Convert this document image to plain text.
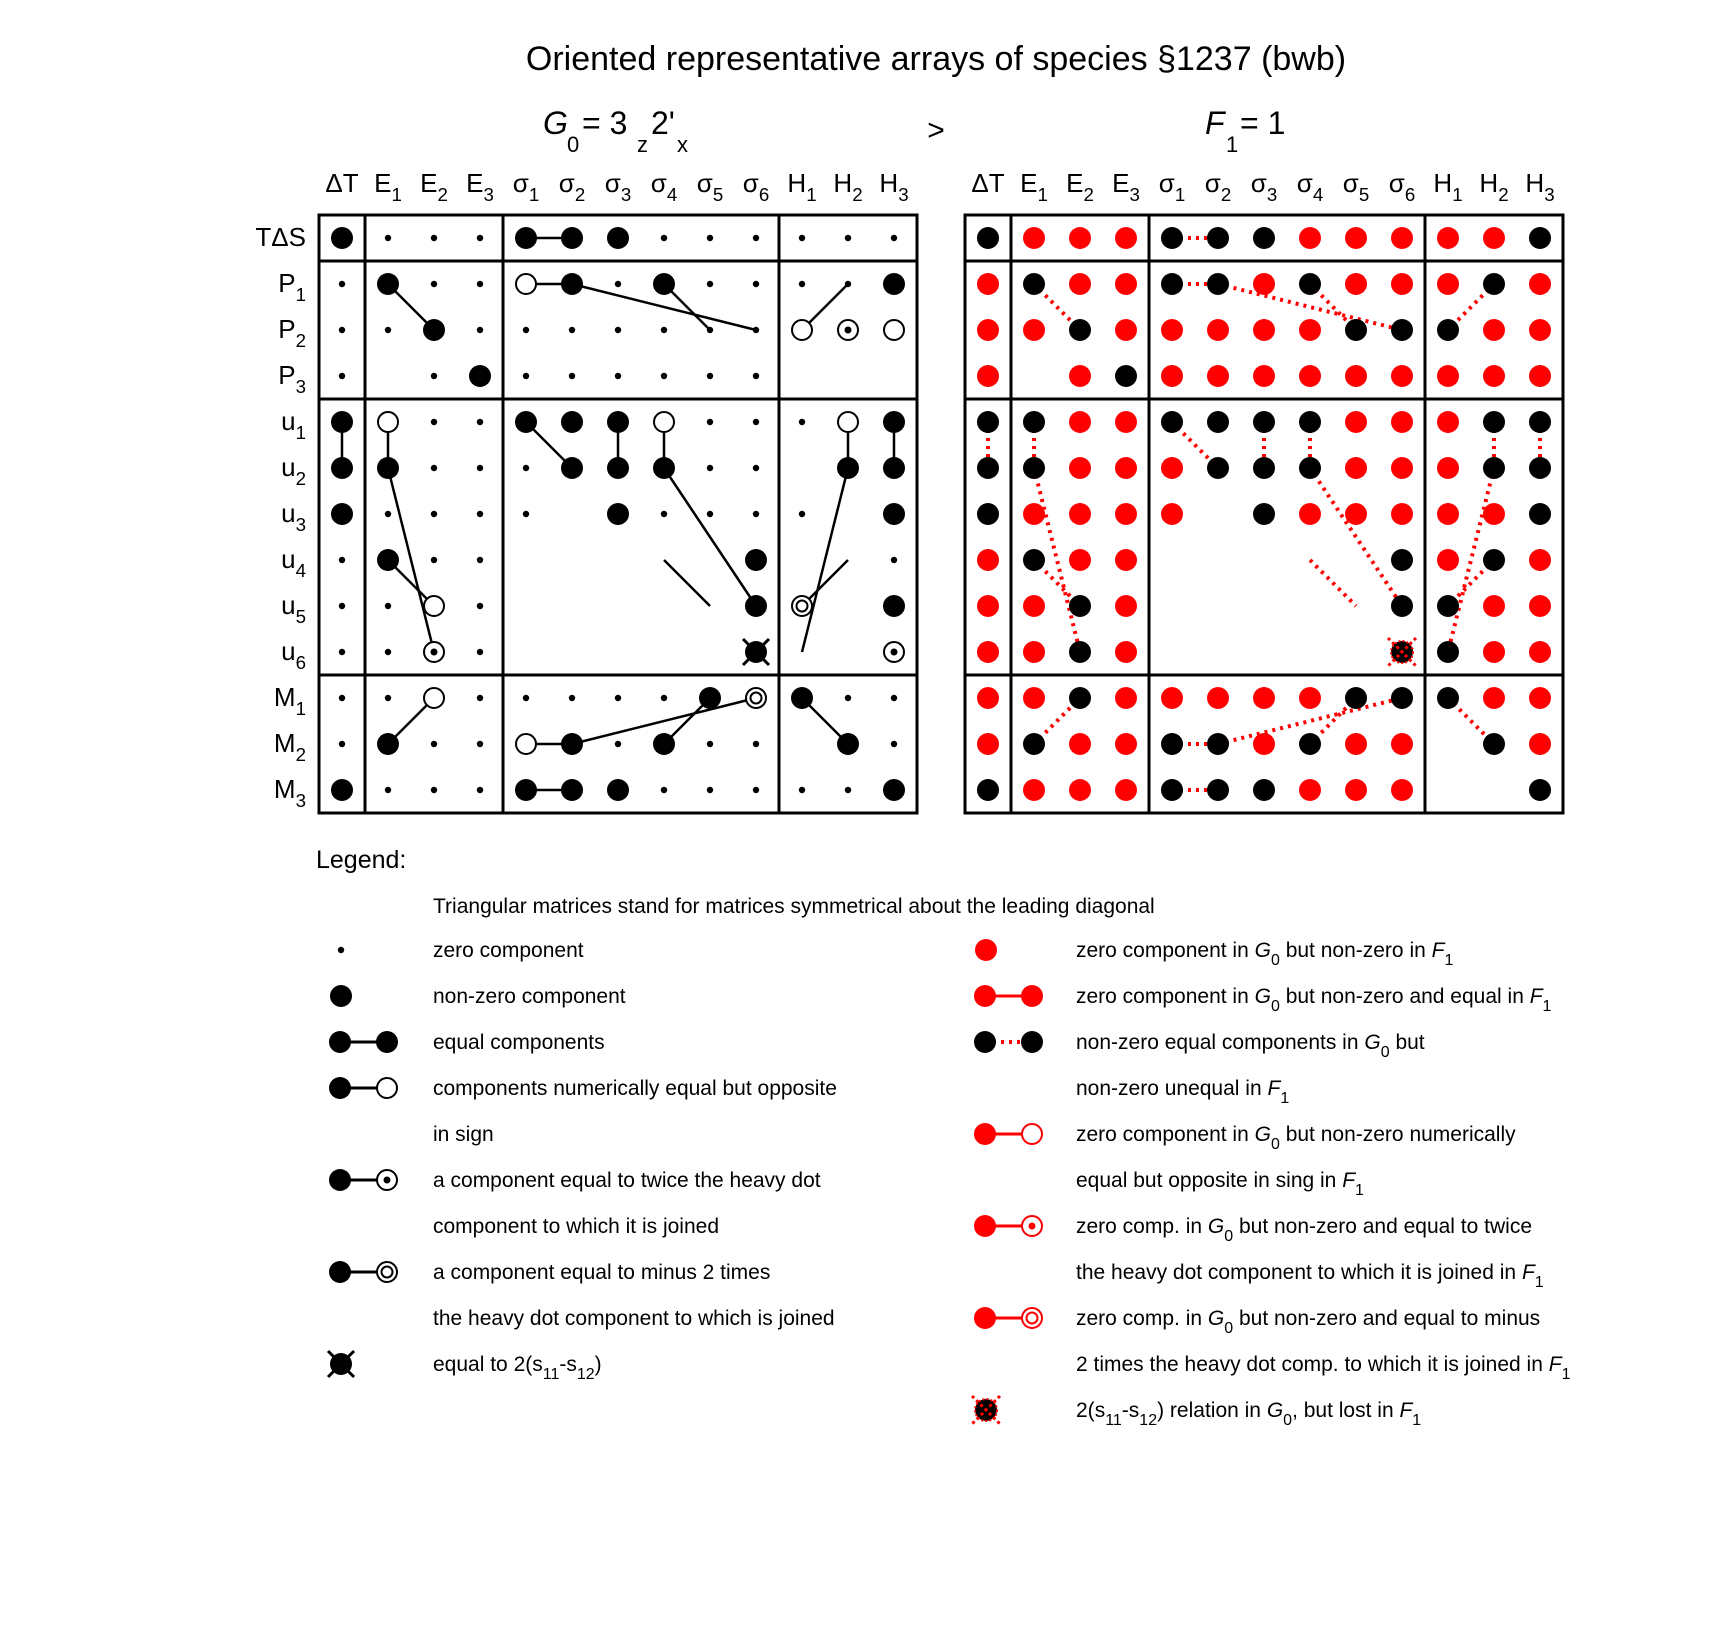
Oriented representative arrays of species §1237 (bwb)
G
0
= 3
z
2'
x	>	F
1
= 1
ΔT $E_1$ $E_2$ $E_3$ $\sigma_1$ $\sigma_2$ $\sigma_3$ $\sigma_4$ $\sigma_5$ $\sigma_6$ $H_1$ $H_2$ $H_3$ ΔT $E_1$ $E_2$ $E_3$ $\sigma_1$ $\sigma_2$ $\sigma_3$ $\sigma_4$ $\sigma_5$ $\sigma_6$ $H_1$ $H_2$ $H_3$
TΔS
$P_1$
$P_2$
$P_3$
$u_1$
$u_2$
$u_3$
$u_4$
$u_5$
$u_6$
$M_1$
$M_2$
$M_3$
Legend:
Triangular matrices stand for matrices symmetrical about the leading diagonal
zero component
non-zero component
equal components
components numerically equal but opposite
in sign
a component equal to twice the heavy dot
component to which it is joined
a component equal to minus 2 times
the heavy dot component to which is joined
equal to $2(s_{11}-s_{12})$
zero component in $G_0$ but non-zero in $F_1$
zero component in $G_0$ but non-zero and equal in $F_1$
non-zero equal components in $G_0$ but
non-zero unequal in $F_1$
zero component in $G_0$ but non-zero numerically
equal but opposite in sing in $F_1$
zero comp. in $G_0$ but non-zero and equal to twice
the heavy dot component to which it is joined in $F_1$
zero comp. in $G_0$ but non-zero and equal to minus
2 times the heavy dot comp. to which it is joined in $F_1$
$2(s_{11}-s_{12})$ relation in $G_0$, but lost in $F_1$
